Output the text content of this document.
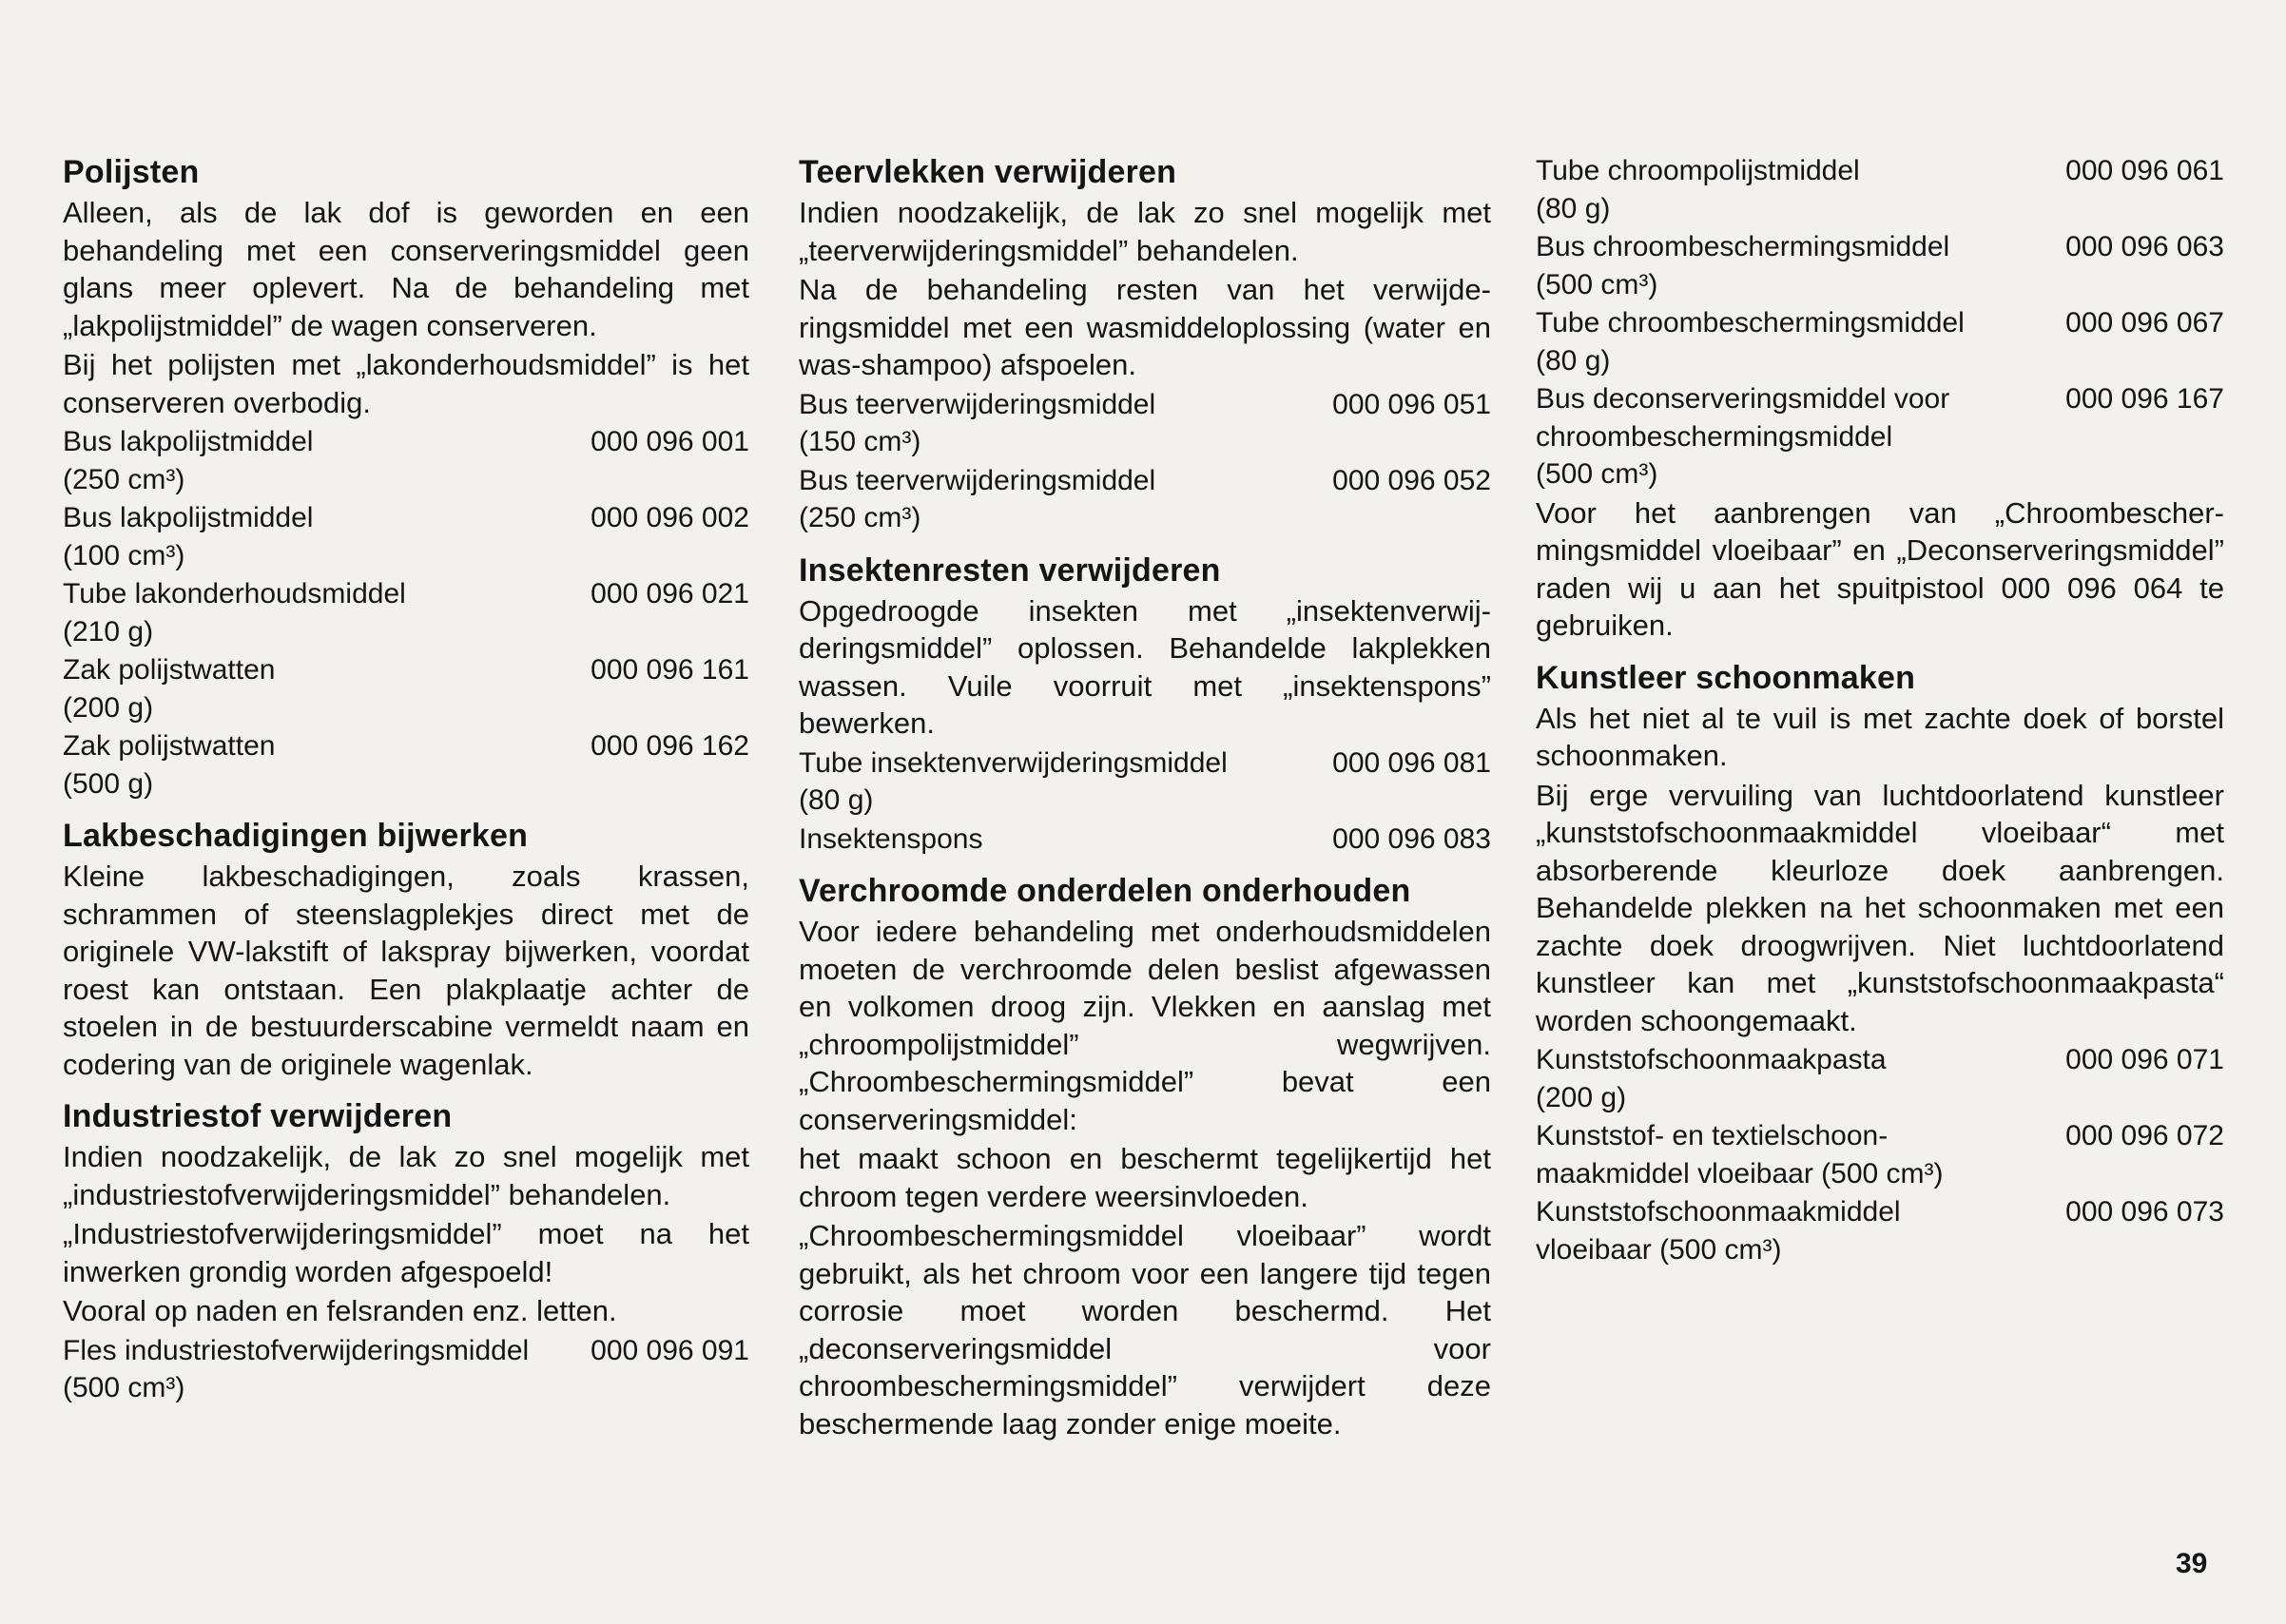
Polijsten

Alleen, als de lak dof is geworden en een behandeling met een conserveringsmiddel geen glans meer oplevert. Na de behandeling met „lakpolijstmiddel” de wagen conserveren.

Bij het polijsten met „lakonderhoudsmiddel” is het conserveren overbodig.

Bus lakpolijstmiddel
(250 cm³)
000 096 001
Bus lakpolijstmiddel
(100 cm³)
000 096 002
Tube lakonderhoudsmiddel
(210 g)
000 096 021
Zak polijstwatten
(200 g)
000 096 161
Zak polijstwatten
(500 g)
000 096 162
Lakbeschadigingen bijwerken

Kleine lakbeschadigingen, zoals krassen, schrammen of steenslagplekjes direct met de originele VW-lakstift of lakspray bijwerken, voordat roest kan ontstaan. Een plakplaatje achter de stoelen in de bestuurderscabine vermeldt naam en codering van de originele wagenlak.

Industriestof verwijderen

Indien noodzakelijk, de lak zo snel mogelijk met „industriestofverwijderingsmiddel” behandelen.

„Industriestofverwijderingsmiddel” moet na het inwerken grondig worden afgespoeld!

Vooral op naden en felsranden enz. letten.

Fles industriestofverwijderingsmiddel
(500 cm³)
000 096 091
Teervlekken verwijderen

Indien noodzakelijk, de lak zo snel mogelijk met „teerverwijderingsmiddel” behandelen.

Na de behandeling resten van het verwijderingsmiddel met een wasmiddeloplossing (water en was-shampoo) afspoelen.

Bus teerverwijderingsmiddel
(150 cm³)
000 096 051
Bus teerverwijderingsmiddel
(250 cm³)
000 096 052
Insektenresten verwijderen

Opgedroogde insekten met „insektenverwijderingsmiddel” oplossen. Behandelde lakplekken wassen. Vuile voorruit met „insektenspons” bewerken.

Tube insektenverwijderingsmiddel
(80 g)
000 096 081
Insektenspons	000 096 083
Verchroomde onderdelen onderhouden

Voor iedere behandeling met onderhoudsmiddelen moeten de verchroomde delen beslist afgewassen en volkomen droog zijn. Vlekken en aanslag met „chroompolijstmiddel” wegwrijven. „Chroombeschermingsmiddel” bevat een conserveringsmiddel:

het maakt schoon en beschermt tegelijkertijd het chroom tegen verdere weersinvloeden.

„Chroombeschermingsmiddel vloeibaar” wordt gebruikt, als het chroom voor een langere tijd tegen corrosie moet worden beschermd. Het „deconserveringsmiddel voor chroombeschermingsmiddel” verwijdert deze beschermende laag zonder enige moeite.

Tube chroompolijstmiddel
(80 g)
000 096 061
Bus chroombeschermingsmiddel
(500 cm³)
000 096 063
Tube chroombeschermingsmiddel
(80 g)
000 096 067
Bus deconserveringsmiddel voor
chroombeschermingsmiddel
(500 cm³)
000 096 167

Voor het aanbrengen van „Chroombeschermingsmiddel vloeibaar” en „Deconserveringsmiddel” raden wij u aan het spuitpistool 000 096 064 te gebruiken.

Kunstleer schoonmaken

Als het niet al te vuil is met zachte doek of borstel schoonmaken.

Bij erge vervuiling van luchtdoorlatend kunstleer „kunststofschoonmaakmiddel vloeibaar“ met absorberende kleurloze doek aanbrengen. Behandelde plekken na het schoonmaken met een zachte doek droogwrijven. Niet luchtdoorlatend kunstleer kan met „kunststofschoonmaakpasta“ worden schoongemaakt.

Kunststofschoonmaakpasta
(200 g)
000 096 071
Kunststof- en textielschoon-
maakmiddel vloeibaar (500 cm³)
000 096 072
Kunststofschoonmaakmiddel
vloeibaar (500 cm³)
000 096 073
39
